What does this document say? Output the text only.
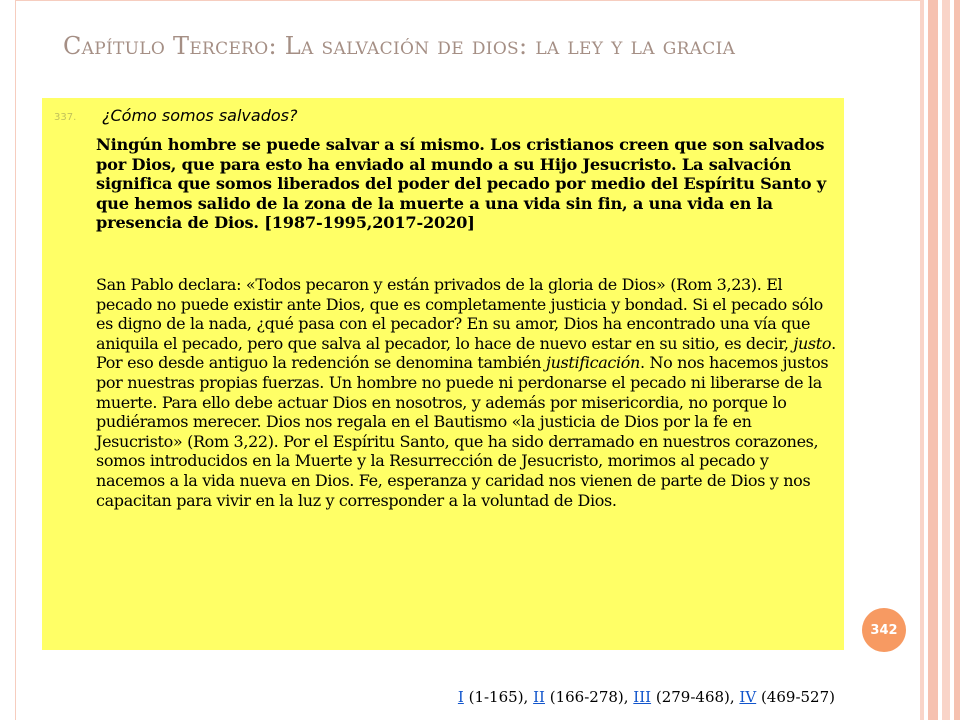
Capítulo Tercero: La salvación de dios: la ley y la gracia
337. ¿Cómo somos salvados?

Ningún hombre se puede salvar a sí mismo. Los cristianos creen que son salvados por Dios, que para esto ha enviado al mundo a su Hijo Jesucristo. La salvación significa que somos liberados del poder del pecado por medio del Espíritu Santo y que hemos salido de la zona de la muerte a una vida sin fin, a una vida en la presencia de Dios. [1987-1995,2017-2020]

San Pablo declara: «Todos pecaron y están privados de la gloria de Dios» (Rom 3,23). El pecado no puede existir ante Dios, que es completamente justicia y bondad. Si el pecado sólo es digno de la nada, ¿qué pasa con el pecador? En su amor, Dios ha encontrado una vía que aniquila el pecado, pero que salva al pecador, lo hace de nuevo estar en su sitio, es decir, justo. Por eso desde antiguo la redención se denomina también justificación. No nos hacemos justos por nuestras propias fuerzas. Un hombre no puede ni perdonarse el pecado ni liberarse de la muerte. Para ello debe actuar Dios en nosotros, y además por misericordia, no porque lo pudiéramos merecer. Dios nos regala en el Bautismo «la justicia de Dios por la fe en Jesucristo» (Rom 3,22). Por el Espíritu Santo, que ha sido derramado en nuestros corazones, somos introducidos en la Muerte y la Resurrección de Jesucristo, morimos al pecado y nacemos a la vida nueva en Dios. Fe, esperanza y caridad nos vienen de parte de Dios y nos capacitan para vivir en la luz y corresponder a la voluntad de Dios.

342
I (1-165), II (166-278), III (279-468), IV (469-527)
